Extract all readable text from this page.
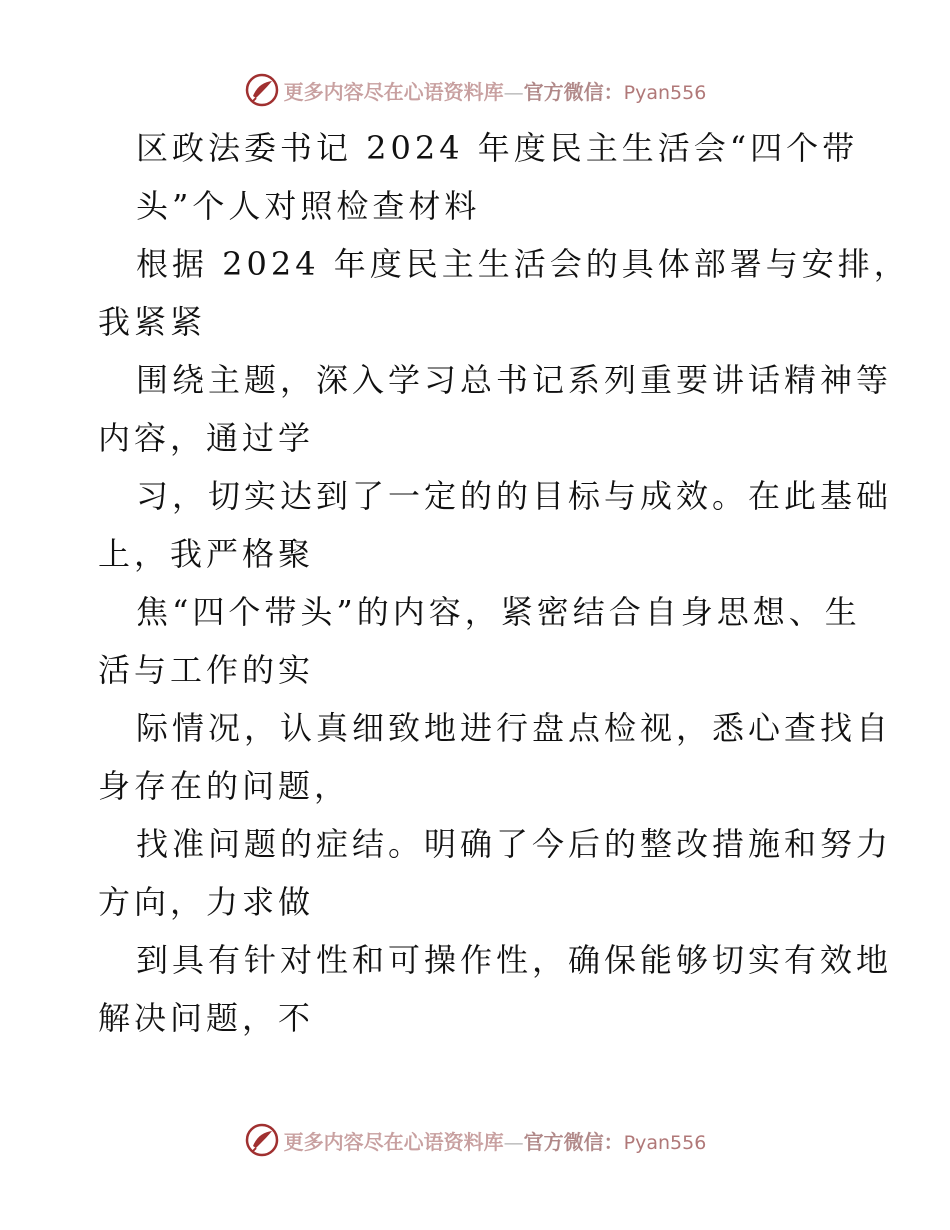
更多内容尽在心语资料库—官方微信：Pyan556
区政法委书记 2024 年度民主生活会“四个带
头”个人对照检查材料
根据 2024 年度民主生活会的具体部署与安排，
我紧紧
围绕主题，深入学习总书记系列重要讲话精神等
内容，通过学
习，切实达到了一定的的目标与成效。在此基础
上，我严格聚
焦“四个带头”的内容，紧密结合自身思想、生
活与工作的实
际情况，认真细致地进行盘点检视，悉心查找自
身存在的问题，
找准问题的症结。明确了今后的整改措施和努力
方向，力求做
到具有针对性和可操作性，确保能够切实有效地
解决问题，不
更多内容尽在心语资料库—官方微信：Pyan556
